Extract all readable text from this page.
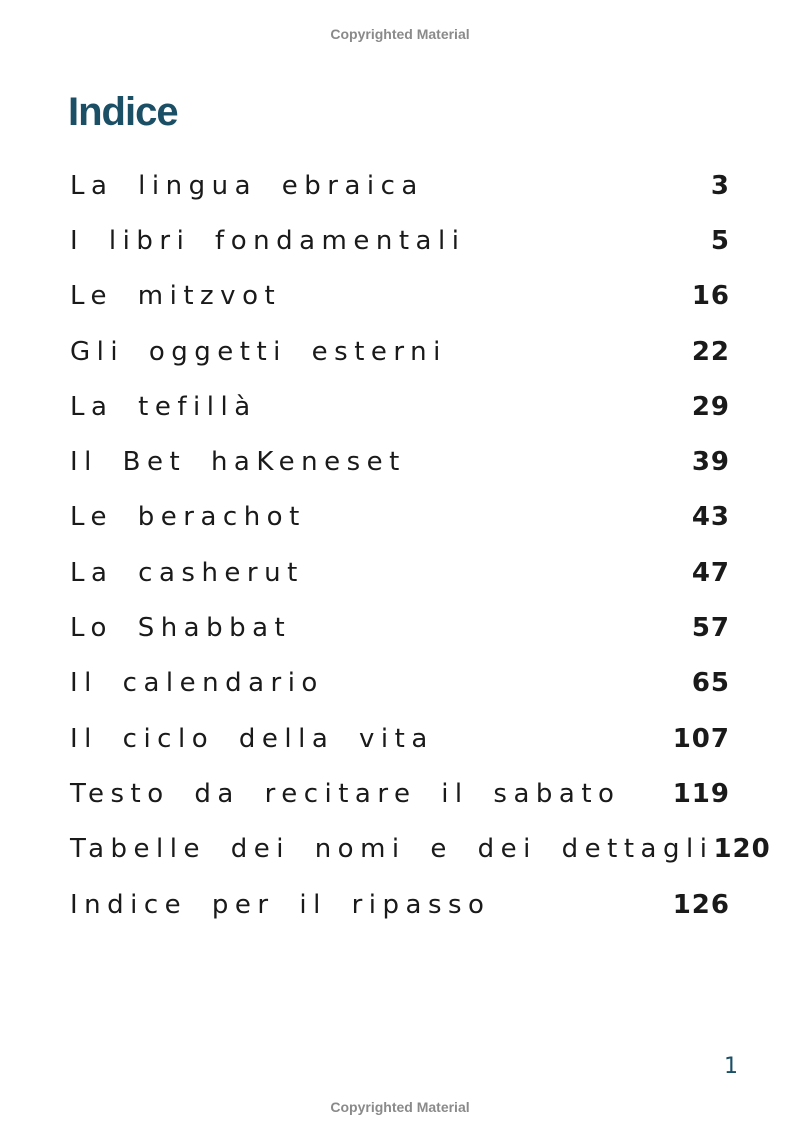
Copyrighted Material
Indice
La lingua ebraica	3
I libri fondamentali	5
Le mitzvot	16
Gli oggetti esterni	22
La tefillà	29
Il Bet haKeneset	39
Le berachot	43
La casherut	47
Lo Shabbat	57
Il calendario	65
Il ciclo della vita	107
Testo da recitare il sabato 119
Tabelle dei nomi e dei dettagli 120
Indice per il ripasso	126
1
Copyrighted Material
